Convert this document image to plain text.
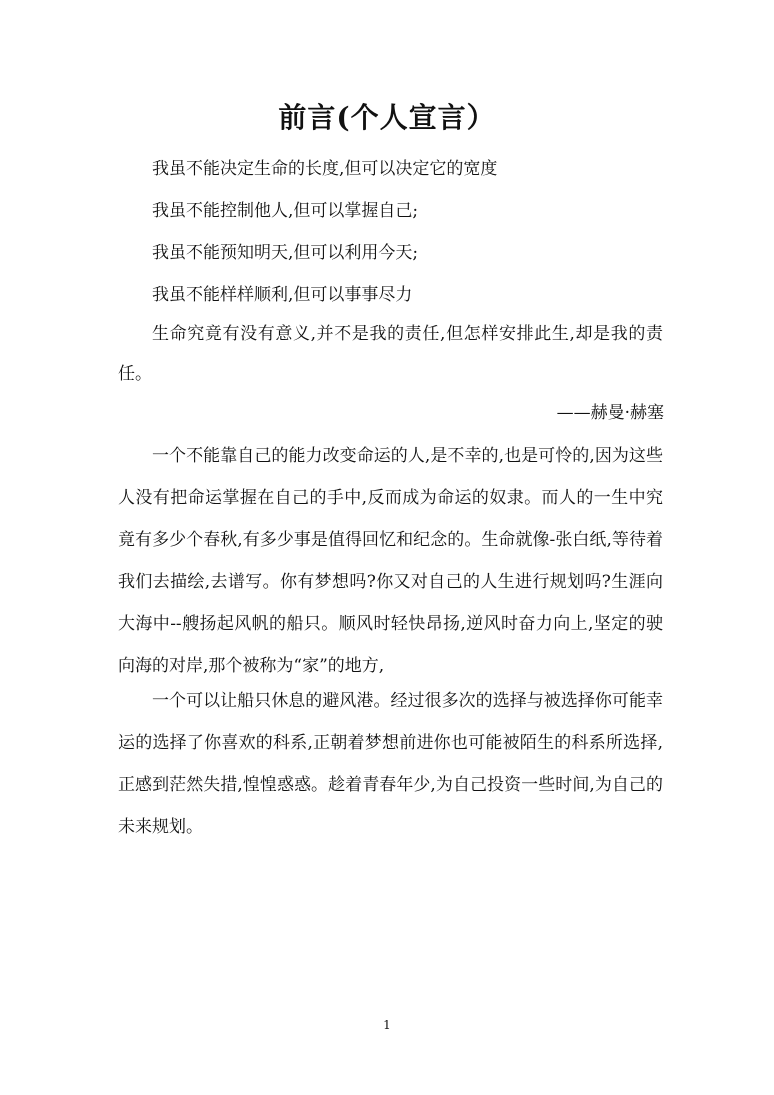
前言(个人宣言）
我虽不能决定生命的长度,但可以决定它的宽度
我虽不能控制他人,但可以掌握自己;
我虽不能预知明天,但可以利用今天;
我虽不能样样顺利,但可以事事尽力
生命究竟有没有意义,并不是我的责任,但怎样安排此生,却是我的责任。
——赫曼·赫塞
一个不能靠自己的能力改变命运的人,是不幸的,也是可怜的,因为这些人没有把命运掌握在自己的手中,反而成为命运的奴隶。而人的一生中究竟有多少个春秋,有多少事是值得回忆和纪念的。生命就像-张白纸,等待着我们去描绘,去谱写。你有梦想吗?你又对自己的人生进行规划吗?生涯向大海中--艘扬起风帆的船只。顺风时轻快昂扬,逆风时奋力向上,坚定的驶向海的对岸,那个被称为“家”的地方,
一个可以让船只休息的避风港。经过很多次的选择与被选择你可能幸运的选择了你喜欢的科系,正朝着梦想前进你也可能被陌生的科系所选择,正感到茫然失措,惶惶惑惑。趁着青春年少,为自己投资一些时间,为自己的未来规划。
1
